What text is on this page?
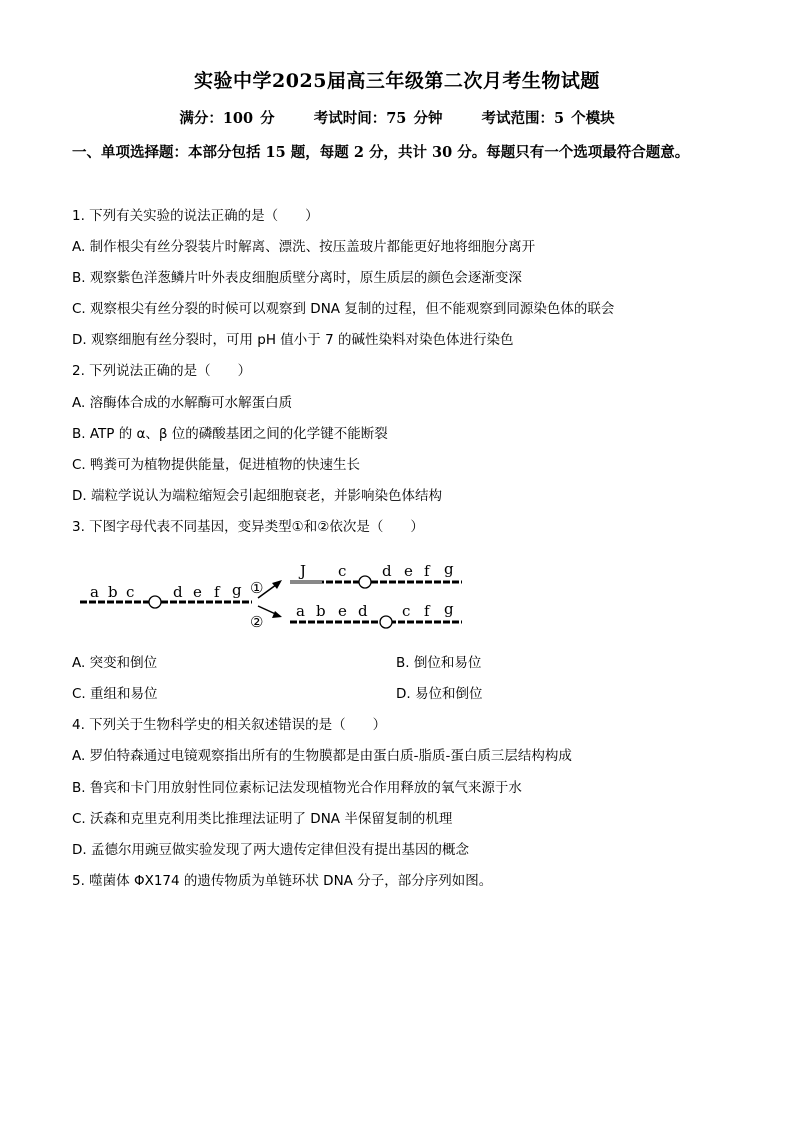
实验中学2025届高三年级第二次月考生物试题
满分：100 分	考试时间：75 分钟	考试范围：5 个模块
一、单项选择题：本部分包括 15 题，每题 2 分，共计 30 分。每题只有一个选项最符合题意。
1. 下列有关实验的说法正确的是（　　）
A. 制作根尖有丝分裂装片时解离、漂洗、按压盖玻片都能更好地将细胞分离开
B. 观察紫色洋葱鳞片叶外表皮细胞质壁分离时，原生质层的颜色会逐渐变深
C. 观察根尖有丝分裂的时候可以观察到 DNA 复制的过程，但不能观察到同源染色体的联会
D. 观察细胞有丝分裂时，可用 pH 值小于 7 的碱性染料对染色体进行染色
2. 下列说法正确的是（　　）
A. 溶酶体合成的水解酶可水解蛋白质
B. ATP 的 α、β 位的磷酸基团之间的化学键不能断裂
C. 鸭粪可为植物提供能量，促进植物的快速生长
D. 端粒学说认为端粒缩短会引起细胞衰老，并影响染色体结构
3. 下图字母代表不同基因，变异类型①和②依次是（　　）
a b c	d e f g ①
②
J c d e f g
a b e d c f g
A. 突变和倒位	B. 倒位和易位
C. 重组和易位	D. 易位和倒位
4. 下列关于生物科学史的相关叙述错误的是（　　）
A. 罗伯特森通过电镜观察指出所有的生物膜都是由蛋白质-脂质-蛋白质三层结构构成
B. 鲁宾和卡门用放射性同位素标记法发现植物光合作用释放的氧气来源于水
C. 沃森和克里克利用类比推理法证明了 DNA 半保留复制的机理
D. 孟德尔用豌豆做实验发现了两大遗传定律但没有提出基因的概念
5. 噬菌体 ΦX174 的遗传物质为单链环状 DNA 分子，部分序列如图。
